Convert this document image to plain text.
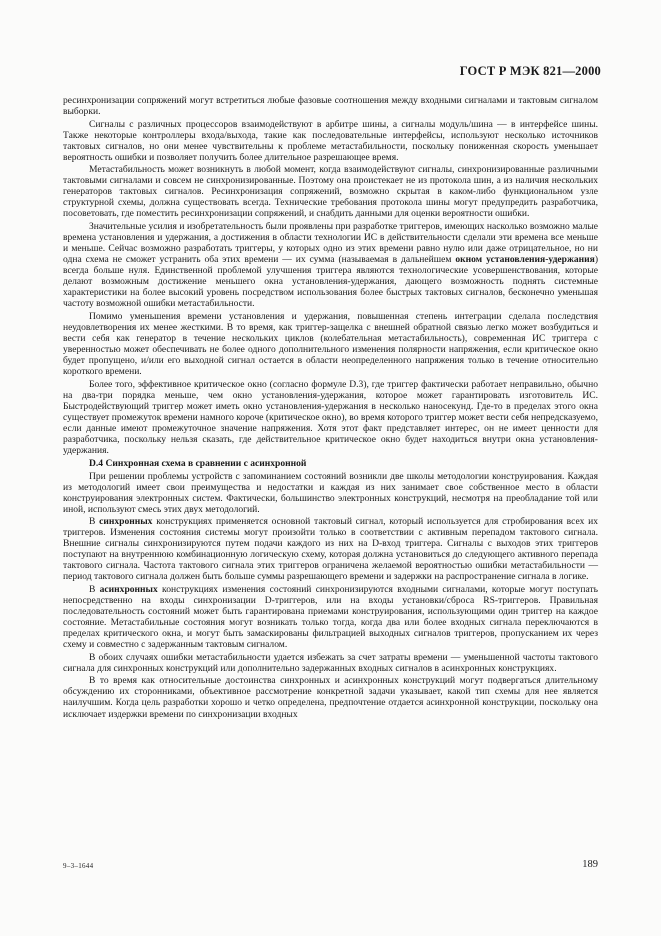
ГОСТ Р МЭК 821—2000

ресинхронизации сопряжений могут встретиться любые фазовые соотношения между входными сигналами и тактовым сигналом выборки.

Сигналы с различных процессоров взаимодействуют в арбитре шины, а сигналы модуль/шина — в интерфейсе шины. Также некоторые контроллеры входа/выхода, такие как последовательные интерфейсы, используют несколько источников тактовых сигналов, но они менее чувствительны к проблеме метастабильности, поскольку пониженная скорость уменьшает вероятность ошибки и позволяет получить более длительное разрешающее время.

Метастабильность может возникнуть в любой момент, когда взаимодействуют сигналы, синхронизированные различными тактовыми сигналами и совсем не синхронизированные. Поэтому она проистекает не из протокола шин, а из наличия нескольких генераторов тактовых сигналов. Ресинхронизация сопряжений, возможно скрытая в каком-либо функциональном узле структурной схемы, должна существовать всегда. Технические требования протокола шины могут предупредить разработчика, посоветовать, где поместить ресинхронизации сопряжений, и снабдить данными для оценки вероятности ошибки.

Значительные усилия и изобретательность были проявлены при разработке триггеров, имеющих насколько возможно малые времена установления и удержания, а достижения в области технологии ИС в действительности сделали эти времена все меньше и меньше. Сейчас возможно разработать триггеры, у которых одно из этих времени равно нулю или даже отрицательное, но ни одна схема не сможет устранить оба этих времени — их сумма (называемая в дальнейшем окном установления-удержания) всегда больше нуля. Единственной проблемой улучшения триггера являются технологические усовершенствования, которые делают возможным достижение меньшего окна установления-удержания, дающего возможность поднять системные характеристики на более высокий уровень посредством использования более быстрых тактовых сигналов, бесконечно уменьшая частоту возможной ошибки метастабильности.

Помимо уменьшения времени установления и удержания, повышенная степень интеграции сделала последствия неудовлетворения их менее жесткими. В то время, как триггер-защелка с внешней обратной связью легко может возбудиться и вести себя как генератор в течение нескольких циклов (колебательная метастабильность), современная ИС триггера с уверенностью может обеспечивать не более одного дополнительного изменения полярности напряжения, если критическое окно будет пропущено, и/или его выходной сигнал остается в области неопределенного напряжения только в течение относительно короткого времени.

Более того, эффективное критическое окно (согласно формуле D.3), где триггер фактически работает неправильно, обычно на два-три порядка меньше, чем окно установления-удержания, которое может гарантировать изготовитель ИС. Быстродействующий триггер может иметь окно установления-удержания в несколько наносекунд. Где-то в пределах этого окна существует промежуток времени намного короче (критическое окно), во время которого триггер может вести себя непредсказуемо, если данные имеют промежуточное значение напряжения. Хотя этот факт представляет интерес, он не имеет ценности для разработчика, поскольку нельзя сказать, где действительное критическое окно будет находиться внутри окна установления-удержания.

D.4 Синхронная схема в сравнении с асинхронной

При решении проблемы устройств с запоминанием состояний возникли две школы методологии конструирования. Каждая из методологий имеет свои преимущества и недостатки и каждая из них занимает свое собственное место в области конструирования электронных систем. Фактически, большинство электронных конструкций, несмотря на преобладание той или иной, используют смесь этих двух методологий.

В синхронных конструкциях применяется основной тактовый сигнал, который используется для стробирования всех их триггеров. Изменения состояния системы могут произойти только в соответствии с активным перепадом тактового сигнала. Внешние сигналы синхронизируются путем подачи каждого из них на D-вход триггера. Сигналы с выходов этих триггеров поступают на внутреннюю комбинационную логическую схему, которая должна установиться до следующего активного перепада тактового сигнала. Частота тактового сигнала этих триггеров ограничена желаемой вероятностью ошибки метастабильности — период тактового сигнала должен быть больше суммы разрешающего времени и задержки на распространение сигнала в логике.

В асинхронных конструкциях изменения состояний синхронизируются входными сигналами, которые могут поступать непосредственно на входы синхронизации D-триггеров, или на входы установки/сброса RS-триггеров. Правильная последовательность состояний может быть гарантирована приемами конструирования, использующими один триггер на каждое состояние. Метастабильные состояния могут возникать только тогда, когда два или более входных сигнала переключаются в пределах критического окна, и могут быть замаскированы фильтрацией выходных сигналов триггеров, пропусканием их через схему и совместно с задержанным тактовым сигналом.

В обоих случаях ошибки метастабильности удается избежать за счет затраты времени — уменьшенной частоты тактового сигнала для синхронных конструкций или дополнительно задержанных входных сигналов в асинхронных конструкциях.

В то время как относительные достоинства синхронных и асинхронных конструкций могут подвергаться длительному обсуждению их сторонниками, объективное рассмотрение конкретной задачи указывает, какой тип схемы для нее является наилучшим. Когда цель разработки хорошо и четко определена, предпочтение отдается асинхронной конструкции, поскольку она исключает издержки времени по синхронизации входных

9–3–1644	189
